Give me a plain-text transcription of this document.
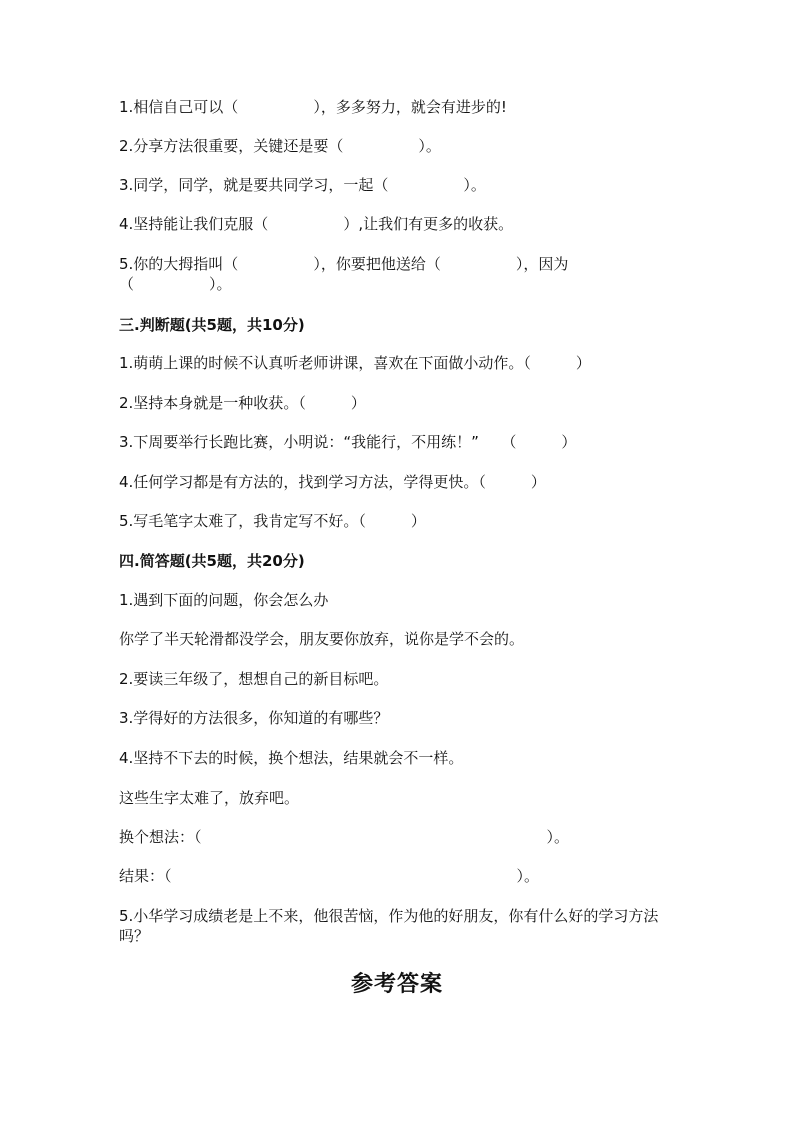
1.相信自己可以（　　　　　），多多努力，就会有进步的!
2.分享方法很重要，关键还是要（　　　　　）。
3.同学，同学，就是要共同学习，一起（　　　　　）。
4.坚持能让我们克服（　　　　　）,让我们有更多的收获。
5.你的大拇指叫（　　　　　），你要把他送给（　　　　　），因为（　　　　　）。
三.判断题(共5题，共10分)
1.萌萌上课的时候不认真听老师讲课，喜欢在下面做小动作。（　　　）
2.坚持本身就是一种收获。（　　　）
3.下周要举行长跑比赛，小明说：“我能行，不用练！”　　（　　　）
4.任何学习都是有方法的，找到学习方法，学得更快。（　　　）
5.写毛笔字太难了，我肯定写不好。（　　　）
四.简答题(共5题，共20分)
1.遇到下面的问题，你会怎么办
你学了半天轮滑都没学会，朋友要你放弃，说你是学不会的。
2.要读三年级了，想想自己的新目标吧。
3.学得好的方法很多，你知道的有哪些？
4.坚持不下去的时候，换个想法，结果就会不一样。
这些生字太难了，放弃吧。
换个想法：（　　　　　　　　　　　　　　　　　　　　　　　）。
结果：（　　　　　　　　　　　　　　　　　　　　　　　）。
5.小华学习成绩老是上不来，他很苦恼，作为他的好朋友，你有什么好的学习方法吗？
参考答案
